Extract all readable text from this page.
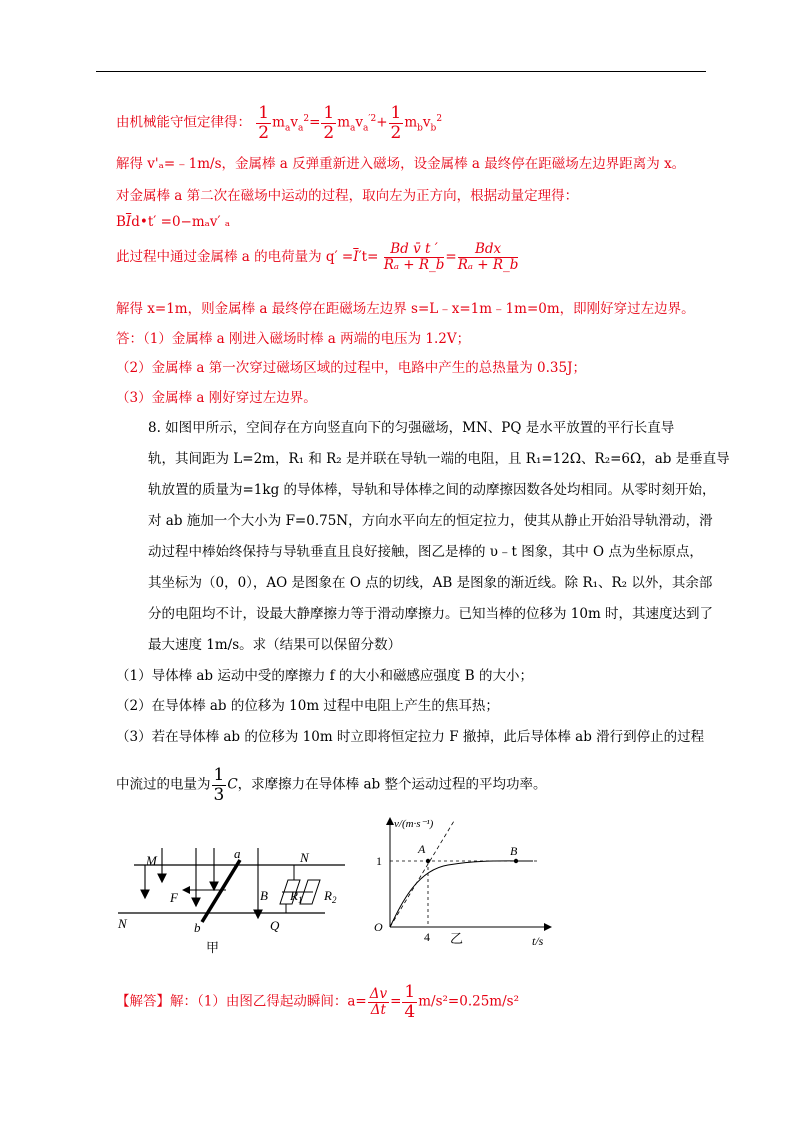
由机械能守恒定律得： $\frac{1}{2} m_av_a^2= \frac{1}{2} m_av_a^{'2}+ \frac{1}{2} m_bv_b^2$
解得 v'ₐ=﹣1m/s，金属棒 a 反弹重新进入磁场，设金属棒 a 最终停在距磁场左边界距离为 x。
对金属棒 a 第二次在磁场中运动的过程，取向左为正方向，根据动量定理得：
$B\overline{I}d•t' =0-m_av'$ ₐ
此过程中通过金属棒 a 的电荷量为 $q' =\overline{I}'t= \frac{\text{Bd v̄ t ′}}{\text{Rₐ + R\_b}} = \frac{\text{Bdx}}{\text{Rₐ + R\_b}}$
解得 x=1m，则金属棒 a 最终停在距磁场左边界 s=L﹣x=1m﹣1m=0m，即刚好穿过左边界。
答：（1）金属棒 a 刚进入磁场时棒 a 两端的电压为 1.2V；
（2）金属棒 a 第一次穿过磁场区域的过程中，电路中产生的总热量为 0.35J；
（3）金属棒 a 刚好穿过左边界。
8. 如图甲所示，空间存在方向竖直向下的匀强磁场，MN、PQ 是水平放置的平行长直导
轨，其间距为 L=2m，R₁ 和 R₂ 是并联在导轨一端的电阻，且 R₁=12Ω、R₂=6Ω，ab 是垂直导
轨放置的质量为=1kg 的导体棒，导轨和导体棒之间的动摩擦因数各处均相同。从零时刻开始，
对 ab 施加一个大小为 F=0.75N，方向水平向左的恒定拉力，使其从静止开始沿导轨滑动，滑
动过程中棒始终保持与导轨垂直且良好接触，图乙是棒的 υ﹣t 图象，其中 O 点为坐标原点，
其坐标为（0，0），AO 是图象在 O 点的切线，AB 是图象的渐近线。除 R₁、R₂ 以外，其余部
分的电阻均不计，设最大静摩擦力等于滑动摩擦力。已知当棒的位移为 10m 时，其速度达到了
最大速度 1m/s。求（结果可以保留分数）
（1）导体棒 ab 运动中受的摩擦力 f 的大小和磁感应强度 B 的大小；
（2）在导体棒 ab 的位移为 10m 过程中电阻上产生的焦耳热；
（3）若在导体棒 ab 的位移为 10m 时立即将恒定拉力 F 撤掉，此后导体棒 ab 滑行到停止的过程
中流过的电量为 $\frac{1}{3}$ C，求摩擦力在导体棒 ab 整个运动过程的平均功率。
M	N
N
a
b
F	B
Q
$R_1$ $R_2$
甲
v/(m·s⁻¹)
t/s
1
4
O
A	B
乙
【解答】解：（1）由图乙得起动瞬间：$a= \frac{\Delta v}{\Delta t} = \frac{1}{4} m/s^2=0.25m/s^2$
